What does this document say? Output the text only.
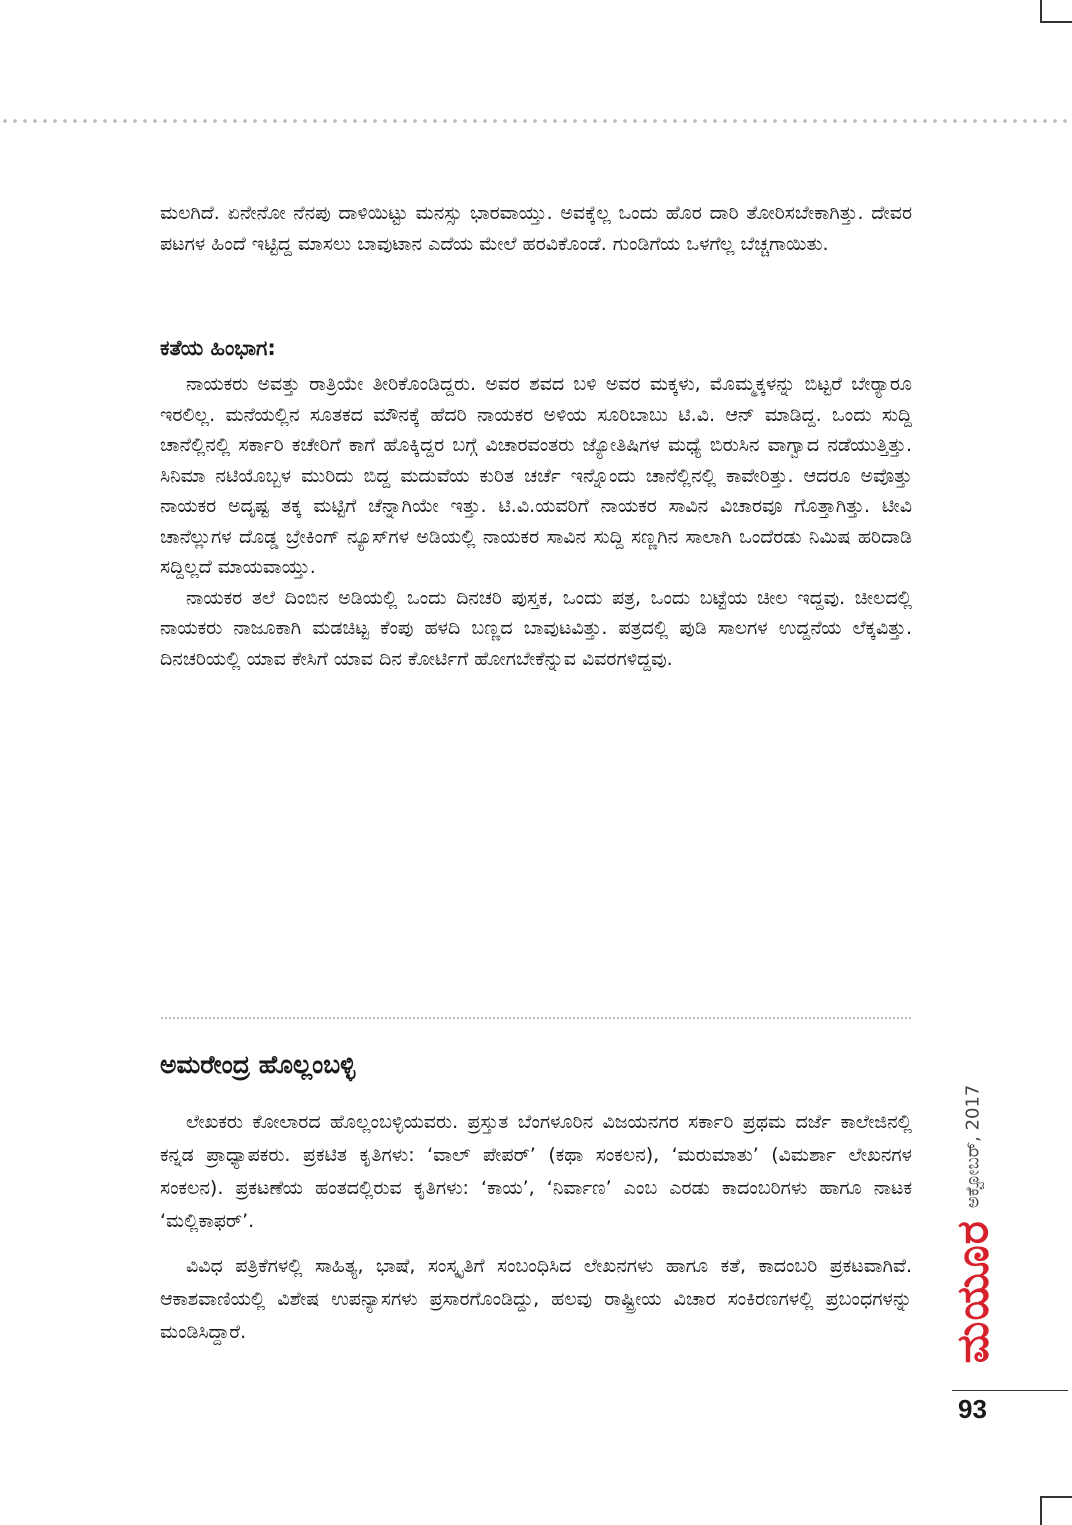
ಮಲಗಿದೆ. ಏನೇನೋ ನೆನಪು ದಾಳಿಯಿಟ್ಟು ಮನಸ್ಸು ಭಾರವಾಯ್ತು. ಅವಕ್ಕೆಲ್ಲ ಒಂದು ಹೊರ ದಾರಿ ತೋರಿಸಬೇಕಾಗಿತ್ತು. ದೇವರ ಪಟಗಳ ಹಿಂದೆ ಇಟ್ಟಿದ್ದ ಮಾಸಲು ಬಾವುಟಾನ ಎದೆಯ ಮೇಲೆ ಹರವಿಕೊಂಡೆ. ಗುಂಡಿಗೆಯ ಒಳಗೆಲ್ಲ ಬೆಚ್ಚಗಾಯಿತು.

ಕತೆಯ ಹಿಂಭಾಗ:

ನಾಯಕರು ಅವತ್ತು ರಾತ್ರಿಯೇ ತೀರಿಕೊಂಡಿದ್ದರು. ಅವರ ಶವದ ಬಳಿ ಅವರ ಮಕ್ಕಳು, ಮೊಮ್ಮಕ್ಕಳನ್ನು ಬಿಟ್ಟರೆ ಬೇರ್‍ಯಾರೂ ಇರಲಿಲ್ಲ. ಮನೆಯಲ್ಲಿನ ಸೂತಕದ ಮೌನಕ್ಕೆ ಹೆದರಿ ನಾಯಕರ ಅಳಿಯ ಸೂರಿಬಾಬು ಟಿ.ವಿ. ಆನ್ ಮಾಡಿದ್ದ. ಒಂದು ಸುದ್ದಿ ಚಾನೆಲ್ಲಿನಲ್ಲಿ ಸರ್ಕಾರಿ ಕಚೇರಿಗೆ ಕಾಗೆ ಹೊಕ್ಕಿದ್ದರ ಬಗ್ಗೆ ವಿಚಾರವಂತರು ಜ್ಯೋತಿಷಿಗಳ ಮಧ್ಯೆ ಬಿರುಸಿನ ವಾಗ್ವಾದ ನಡೆಯುತ್ತಿತ್ತು. ಸಿನಿಮಾ ನಟಿಯೊಬ್ಬಳ ಮುರಿದು ಬಿದ್ದ ಮದುವೆಯ ಕುರಿತ ಚರ್ಚೆ ಇನ್ನೊಂದು ಚಾನೆಲ್ಲಿನಲ್ಲಿ ಕಾವೇರಿತ್ತು. ಆದರೂ ಅವೊತ್ತು ನಾಯಕರ ಅದೃಷ್ಟ ತಕ್ಕ ಮಟ್ಟಿಗೆ ಚೆನ್ನಾಗಿಯೇ ಇತ್ತು. ಟಿ.ವಿ.ಯವರಿಗೆ ನಾಯಕರ ಸಾವಿನ ವಿಚಾರವೂ ಗೊತ್ತಾಗಿತ್ತು. ಟೀವಿ ಚಾನೆಲ್ಲುಗಳ ದೊಡ್ಡ ಬ್ರೇಕಿಂಗ್ ನ್ಯೂಸ್‌ಗಳ ಅಡಿಯಲ್ಲಿ ನಾಯಕರ ಸಾವಿನ ಸುದ್ದಿ ಸಣ್ಣಗಿನ ಸಾಲಾಗಿ ಒಂದೆರಡು ನಿಮಿಷ ಹರಿದಾಡಿ ಸದ್ದಿಲ್ಲದೆ ಮಾಯವಾಯ್ತು.

ನಾಯಕರ ತಲೆ ದಿಂಬಿನ ಅಡಿಯಲ್ಲಿ ಒಂದು ದಿನಚರಿ ಪುಸ್ತಕ, ಒಂದು ಪತ್ರ, ಒಂದು ಬಟ್ಟೆಯ ಚೀಲ ಇದ್ದವು. ಚೀಲದಲ್ಲಿ ನಾಯಕರು ನಾಜೂಕಾಗಿ ಮಡಚಿಟ್ಟ ಕೆಂಪು ಹಳದಿ ಬಣ್ಣದ ಬಾವುಟವಿತ್ತು. ಪತ್ರದಲ್ಲಿ ಪುಡಿ ಸಾಲಗಳ ಉದ್ದನೆಯ ಲೆಕ್ಕವಿತ್ತು. ದಿನಚರಿಯಲ್ಲಿ ಯಾವ ಕೇಸಿಗೆ ಯಾವ ದಿನ ಕೋರ್ಟಿಗೆ ಹೋಗಬೇಕೆನ್ನುವ ವಿವರಗಳಿದ್ದವು.

ಅಮರೇಂದ್ರ ಹೊಲ್ಲಂಬಳ್ಳಿ

ಲೇಖಕರು ಕೋಲಾರದ ಹೊಲ್ಲಂಬಳ್ಳಿಯವರು. ಪ್ರಸ್ತುತ ಬೆಂಗಳೂರಿನ ವಿಜಯನಗರ ಸರ್ಕಾರಿ ಪ್ರಥಮ ದರ್ಜೆ ಕಾಲೇಜಿನಲ್ಲಿ ಕನ್ನಡ ಪ್ರಾಧ್ಯಾಪಕರು. ಪ್ರಕಟಿತ ಕೃತಿಗಳು: ‘ವಾಲ್ ಪೇಪರ್’ (ಕಥಾ ಸಂಕಲನ), ‘ಮರುಮಾತು’ (ವಿಮರ್ಶಾ ಲೇಖನಗಳ ಸಂಕಲನ). ಪ್ರಕಟಣೆಯ ಹಂತದಲ್ಲಿರುವ ಕೃತಿಗಳು: ‘ಕಾಯ’, ‘ನಿರ್ವಾಣ’ ಎಂಬ ಎರಡು ಕಾದಂಬರಿಗಳು ಹಾಗೂ ನಾಟಕ ‘ಮಲ್ಲಿಕಾಫರ್’.

ವಿವಿಧ ಪತ್ರಿಕೆಗಳಲ್ಲಿ ಸಾಹಿತ್ಯ, ಭಾಷೆ, ಸಂಸ್ಕೃತಿಗೆ ಸಂಬಂಧಿಸಿದ ಲೇಖನಗಳು ಹಾಗೂ ಕತೆ, ಕಾದಂಬರಿ ಪ್ರಕಟವಾಗಿವೆ. ಆಕಾಶವಾಣಿಯಲ್ಲಿ ವಿಶೇಷ ಉಪನ್ಯಾಸಗಳು ಪ್ರಸಾರಗೊಂಡಿದ್ದು, ಹಲವು ರಾಷ್ಟ್ರೀಯ ವಿಚಾರ ಸಂಕಿರಣಗಳಲ್ಲಿ ಪ್ರಬಂಧಗಳನ್ನು ಮಂಡಿಸಿದ್ದಾರೆ.	ಮಯೂರ
ಅಕ್ಟೋಬರ್, 2017
93
